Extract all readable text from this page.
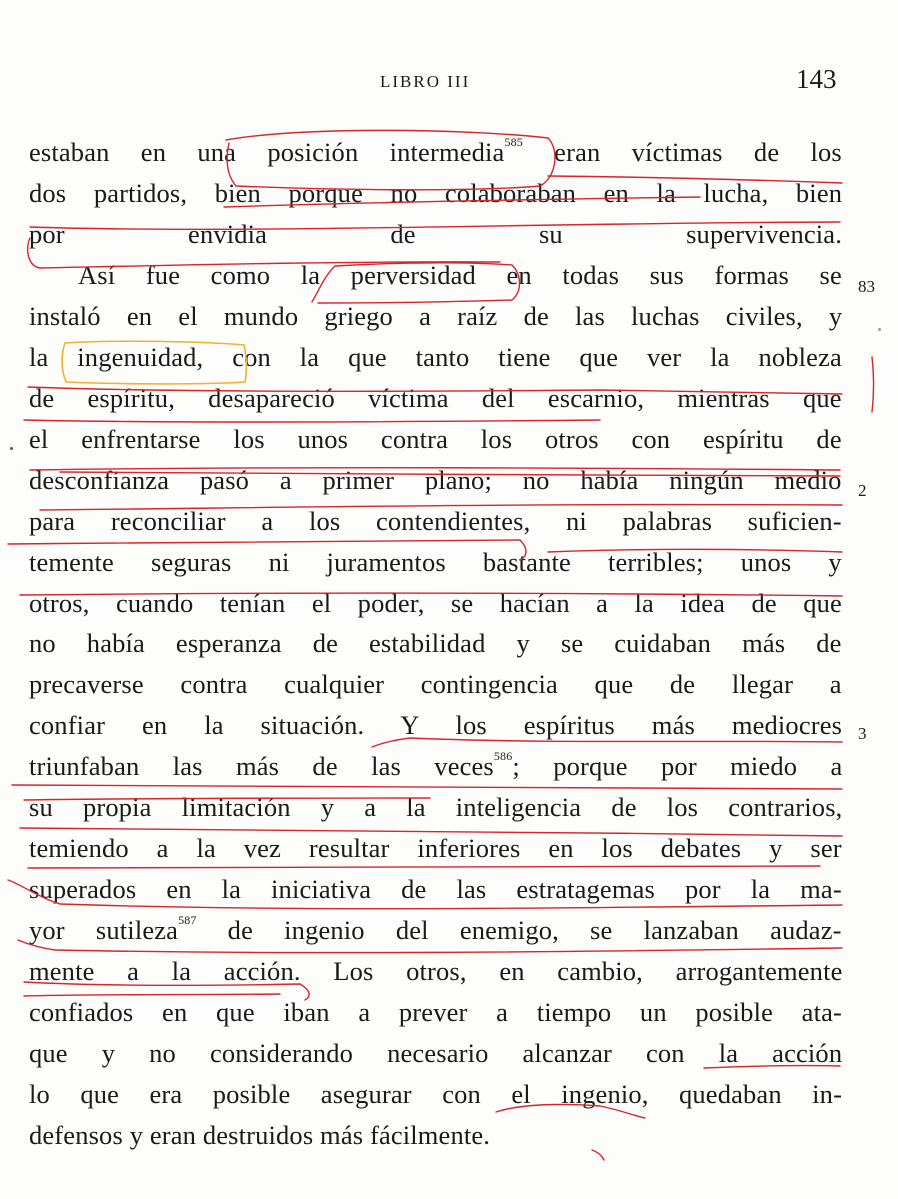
LIBRO III	143
estaban en una posición intermedia$^{585}$ eran víctimas de los
dos partidos, bien porque no colaboraban en la lucha, bien
por envidia de su supervivencia.
Así fue como la perversidad en todas sus formas se
instaló en el mundo griego a raíz de las luchas civiles, y
la ingenuidad, con la que tanto tiene que ver la nobleza
de espíritu, desapareció víctima del escarnio, mientras que
el enfrentarse los unos contra los otros con espíritu de
desconfianza pasó a primer plano; no había ningún medio
para reconciliar a los contendientes, ni palabras suficien-
temente seguras ni juramentos bastante terribles; unos y
otros, cuando tenían el poder, se hacían a la idea de que
no había esperanza de estabilidad y se cuidaban más de
precaverse contra cualquier contingencia que de llegar a
confiar en la situación. Y los espíritus más mediocres
triunfaban las más de las veces$^{586}$; porque por miedo a
su propia limitación y a la inteligencia de los contrarios,
temiendo a la vez resultar inferiores en los debates y ser
superados en la iniciativa de las estratagemas por la ma-
yor sutileza$^{587}$ de ingenio del enemigo, se lanzaban audaz-
mente a la acción. Los otros, en cambio, arrogantemente
confiados en que iban a prever a tiempo un posible ata-
que y no considerando necesario alcanzar con la acción
lo que era posible asegurar con el ingenio, quedaban in-
defensos y eran destruidos más fácilmente.
83
2
3
